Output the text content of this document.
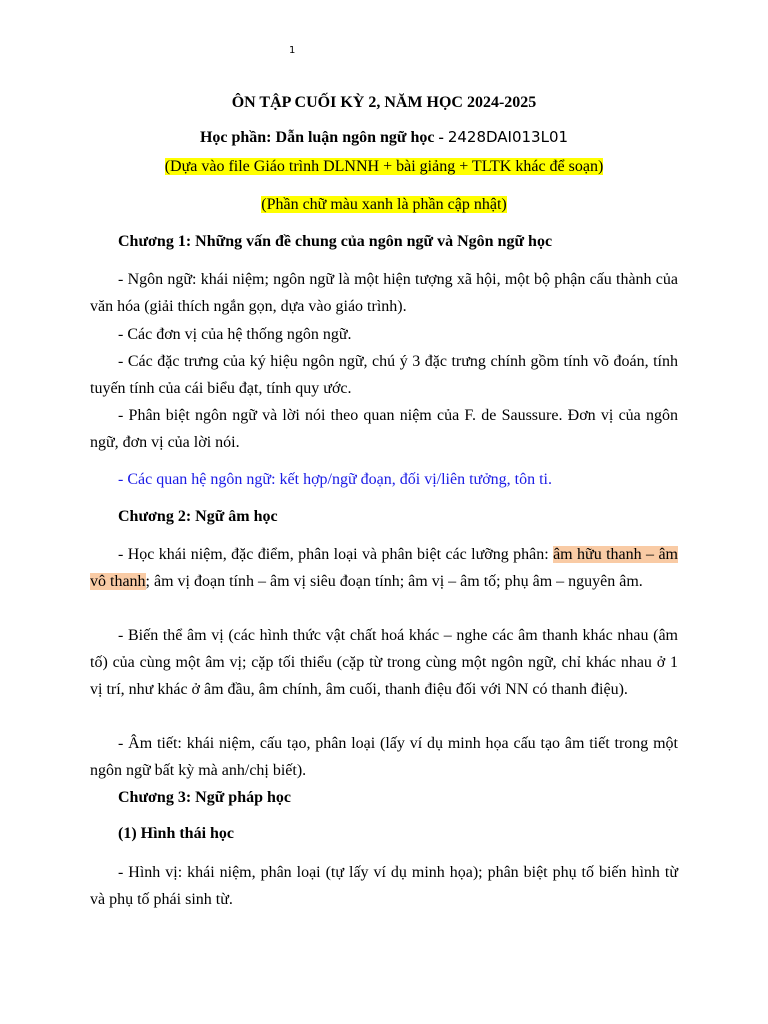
1
ÔN TẬP CUỐI KỲ 2, NĂM HỌC 2024-2025
Học phần: Dẫn luận ngôn ngữ học - 2428DAI013L01
(Dựa vào file Giáo trình DLNNH + bài giảng + TLTK khác để soạn)
(Phần chữ màu xanh là phần cập nhật)
Chương 1: Những vấn đề chung của ngôn ngữ và Ngôn ngữ học
- Ngôn ngữ: khái niệm; ngôn ngữ là một hiện tượng xã hội, một bộ phận cấu thành của văn hóa (giải thích ngắn gọn, dựa vào giáo trình).
- Các đơn vị của hệ thống ngôn ngữ.
- Các đặc trưng của ký hiệu ngôn ngữ, chú ý 3 đặc trưng chính gồm tính võ đoán, tính tuyến tính của cái biểu đạt, tính quy ước.
- Phân biệt ngôn ngữ và lời nói theo quan niệm của F. de Saussure. Đơn vị của ngôn ngữ, đơn vị của lời nói.
- Các quan hệ ngôn ngữ: kết hợp/ngữ đoạn, đối vị/liên tưởng, tôn ti.
Chương 2: Ngữ âm học
- Học khái niệm, đặc điểm, phân loại và phân biệt các lưỡng phân: âm hữu thanh – âm vô thanh; âm vị đoạn tính – âm vị siêu đoạn tính; âm vị – âm tố; phụ âm – nguyên âm.
- Biến thể âm vị (các hình thức vật chất hoá khác – nghe các âm thanh khác nhau (âm tố) của cùng một âm vị; cặp tối thiểu (cặp từ trong cùng một ngôn ngữ, chỉ khác nhau ở 1 vị trí, như khác ở âm đầu, âm chính, âm cuối, thanh điệu đối với NN có thanh điệu).
- Âm tiết: khái niệm, cấu tạo, phân loại (lấy ví dụ minh họa cấu tạo âm tiết trong một ngôn ngữ bất kỳ mà anh/chị biết).
Chương 3: Ngữ pháp học
(1) Hình thái học
- Hình vị: khái niệm, phân loại (tự lấy ví dụ minh họa); phân biệt phụ tố biến hình từ và phụ tố phái sinh từ.
